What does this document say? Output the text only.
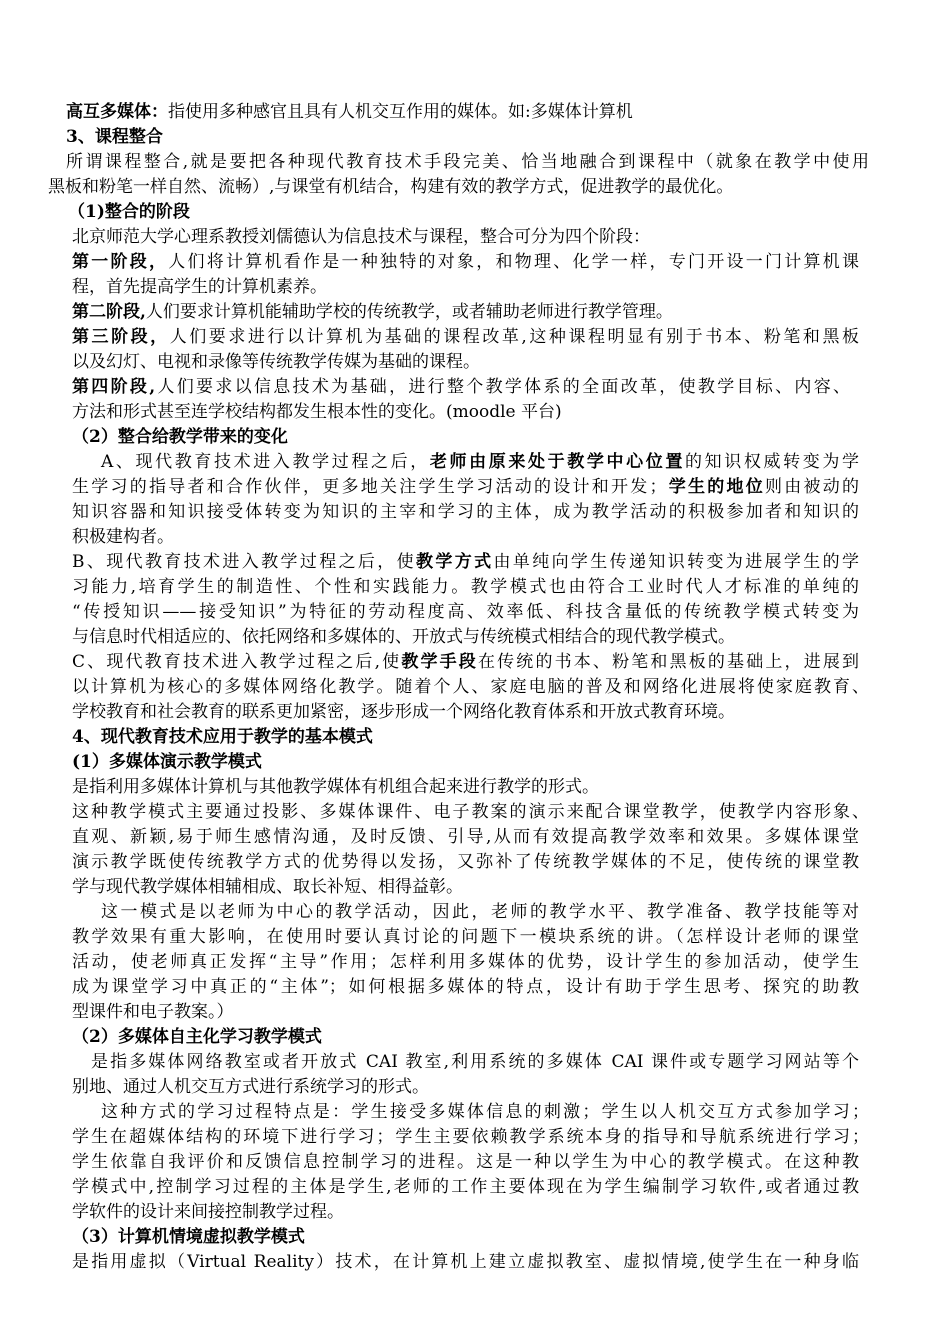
高互多媒体：指使用多种感官且具有人机交互作用的媒体。如:多媒体计算机
3、课程整合
所谓课程整合,就是要把各种现代教育技术手段完美、恰当地融合到课程中（就象在教学中使用
黑板和粉笔一样自然、流畅）,与课堂有机结合，构建有效的教学方式，促进教学的最优化。
（1)整合的阶段
北京师范大学心理系教授刘儒德认为信息技术与课程，整合可分为四个阶段：
第一阶段，人们将计算机看作是一种独特的对象，和物理、化学一样，专门开设一门计算机课
程，首先提高学生的计算机素养。
第二阶段,人们要求计算机能辅助学校的传统教学，或者辅助老师进行教学管理。
第三阶段，人们要求进行以计算机为基础的课程改革,这种课程明显有别于书本、粉笔和黑板
以及幻灯、电视和录像等传统教学传媒为基础的课程。
第四阶段,人们要求以信息技术为基础，进行整个教学体系的全面改革，使教学目标、内容、
方法和形式甚至连学校结构都发生根本性的变化。(moodle 平台)
（2）整合给教学带来的变化
A、现代教育技术进入教学过程之后，老师由原来处于教学中心位置的知识权威转变为学
生学习的指导者和合作伙伴，更多地关注学生学习活动的设计和开发；学生的地位则由被动的
知识容器和知识接受体转变为知识的主宰和学习的主体，成为教学活动的积极参加者和知识的
积极建构者。
B、现代教育技术进入教学过程之后，使教学方式由单纯向学生传递知识转变为进展学生的学
习能力,培育学生的制造性、个性和实践能力。教学模式也由符合工业时代人才标准的单纯的
“传授知识——接受知识”为特征的劳动程度高、效率低、科技含量低的传统教学模式转变为
与信息时代相适应的、依托网络和多媒体的、开放式与传统模式相结合的现代教学模式。
C、现代教育技术进入教学过程之后,使教学手段在传统的书本、粉笔和黑板的基础上，进展到
以计算机为核心的多媒体网络化教学。随着个人、家庭电脑的普及和网络化进展将使家庭教育、
学校教育和社会教育的联系更加紧密，逐步形成一个网络化教育体系和开放式教育环境。
4、现代教育技术应用于教学的基本模式
(1）多媒体演示教学模式
是指利用多媒体计算机与其他教学媒体有机组合起来进行教学的形式。
这种教学模式主要通过投影、多媒体课件、电子教案的演示来配合课堂教学，使教学内容形象、
直观、新颖,易于师生感情沟通，及时反馈、引导,从而有效提高教学效率和效果。多媒体课堂
演示教学既使传统教学方式的优势得以发扬，又弥补了传统教学媒体的不足，使传统的课堂教
学与现代教学媒体相辅相成、取长补短、相得益彰。
这一模式是以老师为中心的教学活动，因此，老师的教学水平、教学准备、教学技能等对
教学效果有重大影响，在使用时要认真讨论的问题下一模块系统的讲。（怎样设计老师的课堂
活动，使老师真正发挥“主导”作用；怎样利用多媒体的优势，设计学生的参加活动，使学生
成为课堂学习中真正的“主体”；如何根据多媒体的特点，设计有助于学生思考、探究的助教
型课件和电子教案。）
（2）多媒体自主化学习教学模式
是指多媒体网络教室或者开放式 CAI 教室,利用系统的多媒体 CAI 课件或专题学习网站等个
别地、通过人机交互方式进行系统学习的形式。
这种方式的学习过程特点是：学生接受多媒体信息的刺激；学生以人机交互方式参加学习；
学生在超媒体结构的环境下进行学习；学生主要依赖教学系统本身的指导和导航系统进行学习；
学生依靠自我评价和反馈信息控制学习的进程。这是一种以学生为中心的教学模式。在这种教
学模式中,控制学习过程的主体是学生,老师的工作主要体现在为学生编制学习软件,或者通过教
学软件的设计来间接控制教学过程。
（3）计算机情境虚拟教学模式
是指用虚拟（Virtual Reality）技术，在计算机上建立虚拟教室、虚拟情境,使学生在一种身临
